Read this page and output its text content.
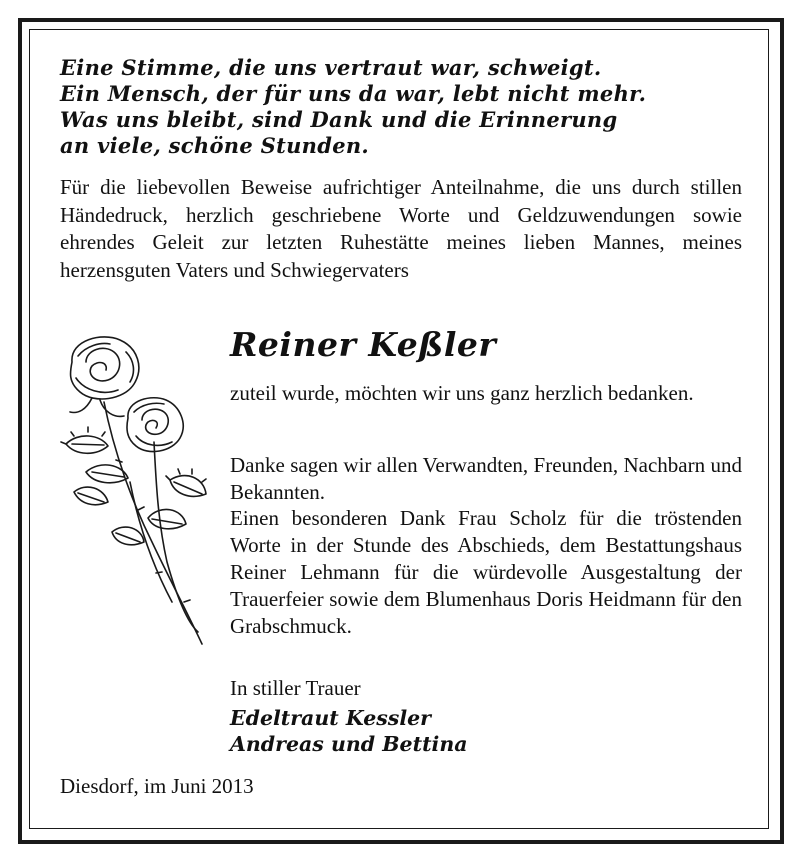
Eine Stimme, die uns vertraut war, schweigt.
Ein Mensch, der für uns da war, lebt nicht mehr.
Was uns bleibt, sind Dank und die Erinnerung
an viele, schöne Stunden.
Für die liebevollen Beweise aufrichtiger Anteilnahme, die uns durch stillen Händedruck, herzlich geschriebene Worte und Geldzuwendungen sowie ehrendes Geleit zur letzten Ruhestätte meines lieben Mannes, meines herzensguten Vaters und Schwiegervaters
Reiner Keßler
zuteil wurde, möchten wir uns ganz herzlich bedanken.
Danke sagen wir allen Verwandten, Freunden, Nachbarn und Bekannten.
Einen besonderen Dank Frau Scholz für die tröstenden Worte in der Stunde des Abschieds, dem Bestattungshaus Reiner Lehmann für die würdevolle Ausgestaltung der Trauerfeier sowie dem Blumenhaus Doris Heidmann für den Grabschmuck.
In stiller Trauer
Edeltraut Kessler
Andreas und Bettina
Diesdorf, im Juni 2013
